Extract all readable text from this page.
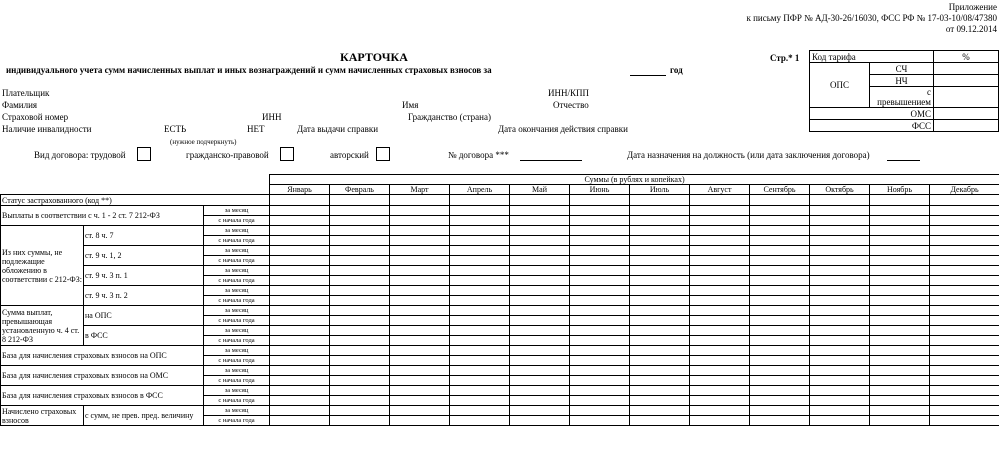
Приложение
к письму ПФР № АД-30-26/16030, ФСС РФ № 17-03-10/08/47380
от 09.12.2014
КАРТОЧКА
индивидуального учета сумм начисленных выплат и иных вознаграждений и сумм начисленных страховых взносов за	год
Стр.* 1 Код тарифа		%
ОПС	СЧ	
	НЧ	
	с превышением	
ОМС		
ФСС		
Плательщик	ИНН/КПП
Фамилия	Имя	Отчество
Страховой номер	ИНН	Гражданство (страна)
Наличие инвалидности	ЕСТЬ	НЕТ
(нужное подчеркнуть)
Дата выдачи справки	Дата окончания действия справки
Вид договора: трудовой	гражданско-правовой	авторский	№ договора ***	Дата назначения на должность (или дата заключения договора)
			Суммы (в рублях и копейках)											
			Январь	Февраль	Март	Апрель	Май	Июнь	Июль	Август	Сентябрь	Октябрь	Ноябрь	Декабрь
Статус застрахованного (код **)														
Выплаты в соответствии с ч. 1 - 2 ст. 7 212-ФЗ		за месяц												
		с начала года												
Из них суммы, не подлежащие обложению в соответствии с 212-ФЗ:	ст. 8 ч. 7	за месяц												
		с начала года												
	ст. 9 ч. 1, 2	за месяц												
		с начала года												
	ст. 9 ч. 3 п. 1	за месяц												
		с начала года												
	ст. 9 ч. 3 п. 2	за месяц												
		с начала года												
Сумма выплат, превышающая установленную ч. 4 ст. 8 212-ФЗ	на ОПС	за месяц												
		с начала года												
	в ФСС	за месяц												
		с начала года												
База для начисления страховых взносов на ОПС		за месяц												
		с начала года												
База для начисления страховых взносов на ОМС		за месяц												
		с начала года												
База для начисления страховых взносов в ФСС		за месяц												
		с начала года												
Начислено страховых взносов	с сумм, не прев. пред. величину	за месяц												
		с начала года												
